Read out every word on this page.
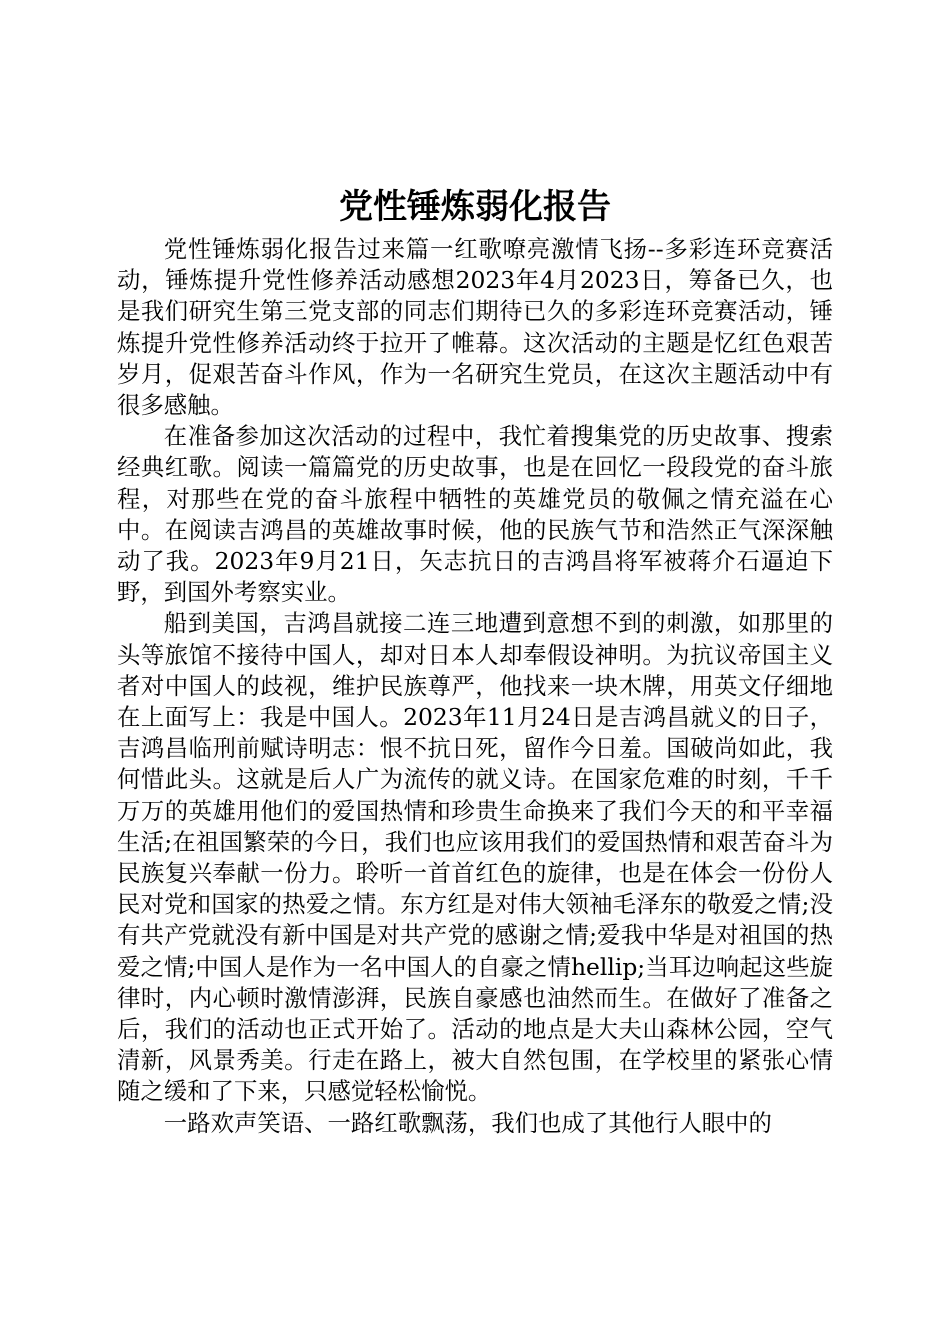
党性锤炼弱化报告

党性锤炼弱化报告过来篇一红歌嘹亮激情飞扬--多彩连环竞赛活动，锤炼提升党性修养活动感想2023年4月2023日，筹备已久，也是我们研究生第三党支部的同志们期待已久的多彩连环竞赛活动，锤炼提升党性修养活动终于拉开了帷幕。这次活动的主题是忆红色艰苦岁月，促艰苦奋斗作风，作为一名研究生党员，在这次主题活动中有很多感触。

在准备参加这次活动的过程中，我忙着搜集党的历史故事、搜索经典红歌。阅读一篇篇党的历史故事，也是在回忆一段段党的奋斗旅程，对那些在党的奋斗旅程中牺牲的英雄党员的敬佩之情充溢在心中。在阅读吉鸿昌的英雄故事时候，他的民族气节和浩然正气深深触动了我。2023年9月21日，矢志抗日的吉鸿昌将军被蒋介石逼迫下野，到国外考察实业。

船到美国，吉鸿昌就接二连三地遭到意想不到的刺激，如那里的头等旅馆不接待中国人，却对日本人却奉假设神明。为抗议帝国主义者对中国人的歧视，维护民族尊严，他找来一块木牌，用英文仔细地在上面写上：我是中国人。2023年11月24日是吉鸿昌就义的日子，吉鸿昌临刑前赋诗明志：恨不抗日死，留作今日羞。国破尚如此，我何惜此头。这就是后人广为流传的就义诗。在国家危难的时刻，千千万万的英雄用他们的爱国热情和珍贵生命换来了我们今天的和平幸福生活;在祖国繁荣的今日，我们也应该用我们的爱国热情和艰苦奋斗为民族复兴奉献一份力。聆听一首首红色的旋律，也是在体会一份份人民对党和国家的热爱之情。东方红是对伟大领袖毛泽东的敬爱之情;没有共产党就没有新中国是对共产党的感谢之情;爱我中华是对祖国的热爱之情;中国人是作为一名中国人的自豪之情hellip;当耳边响起这些旋律时，内心顿时激情澎湃，民族自豪感也油然而生。在做好了准备之后，我们的活动也正式开始了。活动的地点是大夫山森林公园，空气清新，风景秀美。行走在路上，被大自然包围，在学校里的紧张心情随之缓和了下来，只感觉轻松愉悦。

一路欢声笑语、一路红歌飘荡，我们也成了其他行人眼中的
